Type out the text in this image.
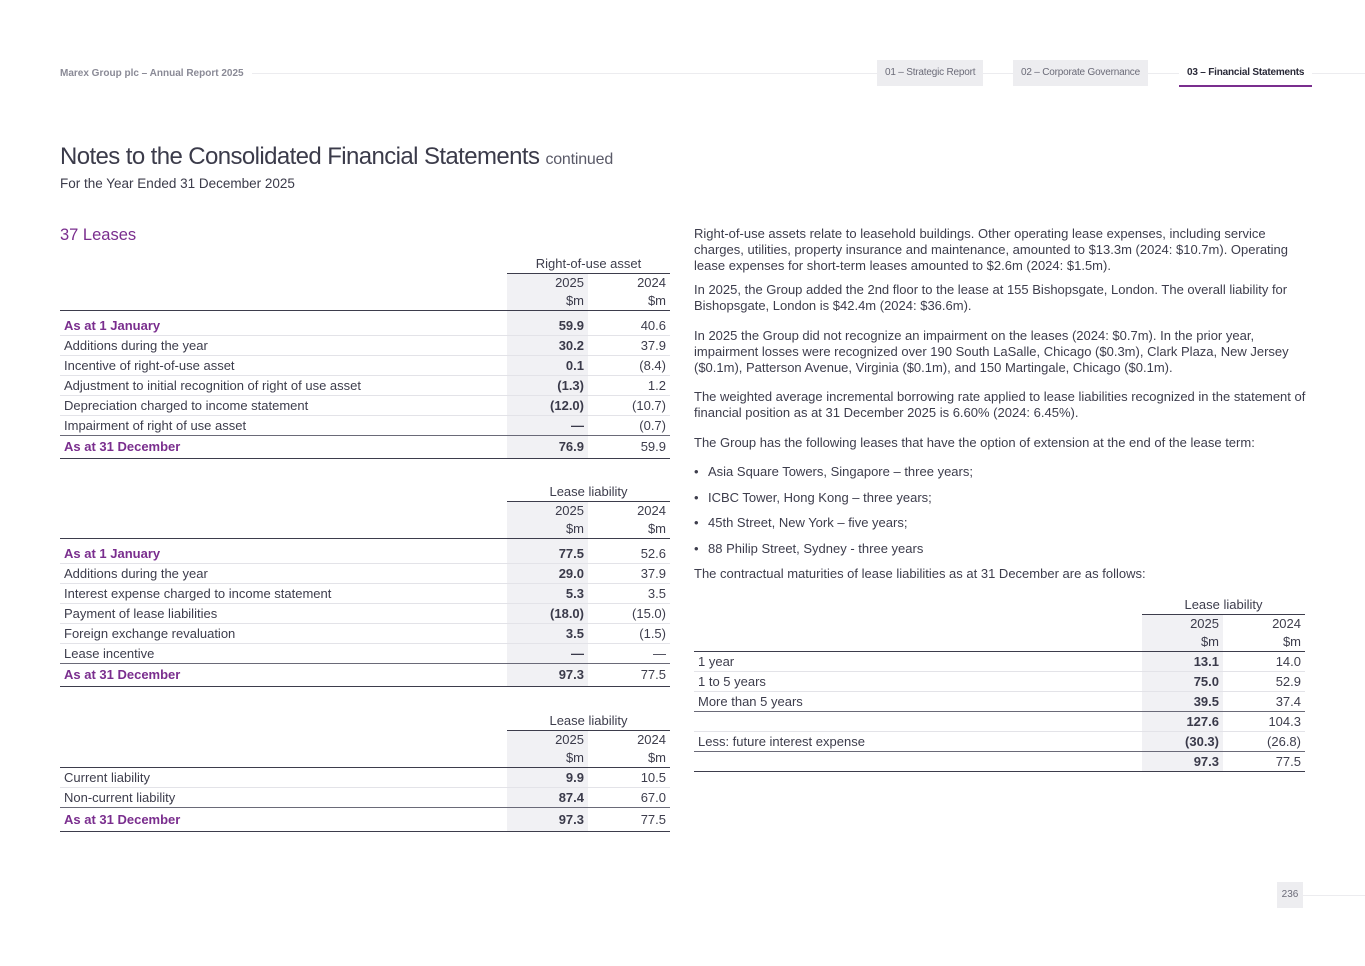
Marex Group plc – Annual Report 2025	01 – Strategic Report	02 – Corporate Governance	03 – Financial Statements
Notes to the Consolidated Financial Statements continued
For the Year Ended 31 December 2025
37 Leases
	Right-of-use asset	
	2025	2024
	$m	$m
As at 1 January	59.9	40.6
Additions during the year	30.2	37.9
Incentive of right-of-use asset	0.1	(8.4)
Adjustment to initial recognition of right of use asset	(1.3)	1.2
Depreciation charged to income statement	(12.0)	(10.7)
Impairment of right of use asset	—	(0.7)
As at 31 December	76.9	59.9
	Lease liability	
	2025	2024
	$m	$m
As at 1 January	77.5	52.6
Additions during the year	29.0	37.9
Interest expense charged to income statement	5.3	3.5
Payment of lease liabilities	(18.0)	(15.0)
Foreign exchange revaluation	3.5	(1.5)
Lease incentive	—	—
As at 31 December	97.3	77.5
	Lease liability	
	2025	2024
	$m	$m
Current liability	9.9	10.5
Non-current liability	87.4	67.0
As at 31 December	97.3	77.5

Right-of-use assets relate to leasehold buildings. Other operating lease expenses, including service charges, utilities, property insurance and maintenance, amounted to $13.3m (2024: $10.7m). Operating lease expenses for short-term leases amounted to $2.6m (2024: $1.5m).

In 2025, the Group added the 2nd floor to the lease at 155 Bishopsgate, London. The overall liability for Bishopsgate, London is $42.4m (2024: $36.6m).

In 2025 the Group did not recognize an impairment on the leases (2024: $0.7m). In the prior year, impairment losses were recognized over 190 South LaSalle, Chicago ($0.3m), Clark Plaza, New Jersey ($0.1m), Patterson Avenue, Virginia ($0.1m), and 150 Martingale, Chicago ($0.1m).

The weighted average incremental borrowing rate applied to lease liabilities recognized in the statement of financial position as at 31 December 2025 is 6.60% (2024: 6.45%).

The Group has the following leases that have the option of extension at the end of the lease term:

• Asia Square Towers, Singapore – three years;
• ICBC Tower, Hong Kong – three years;
• 45th Street, New York – five years;
• 88 Philip Street, Sydney - three years

The contractual maturities of lease liabilities as at 31 December are as follows:

	Lease liability	
	2025	2024
	$m	$m
1 year	13.1	14.0
1 to 5 years	75.0	52.9
More than 5 years	39.5	37.4
	127.6	104.3
Less: future interest expense	(30.3)	(26.8)
	97.3	77.5
236
